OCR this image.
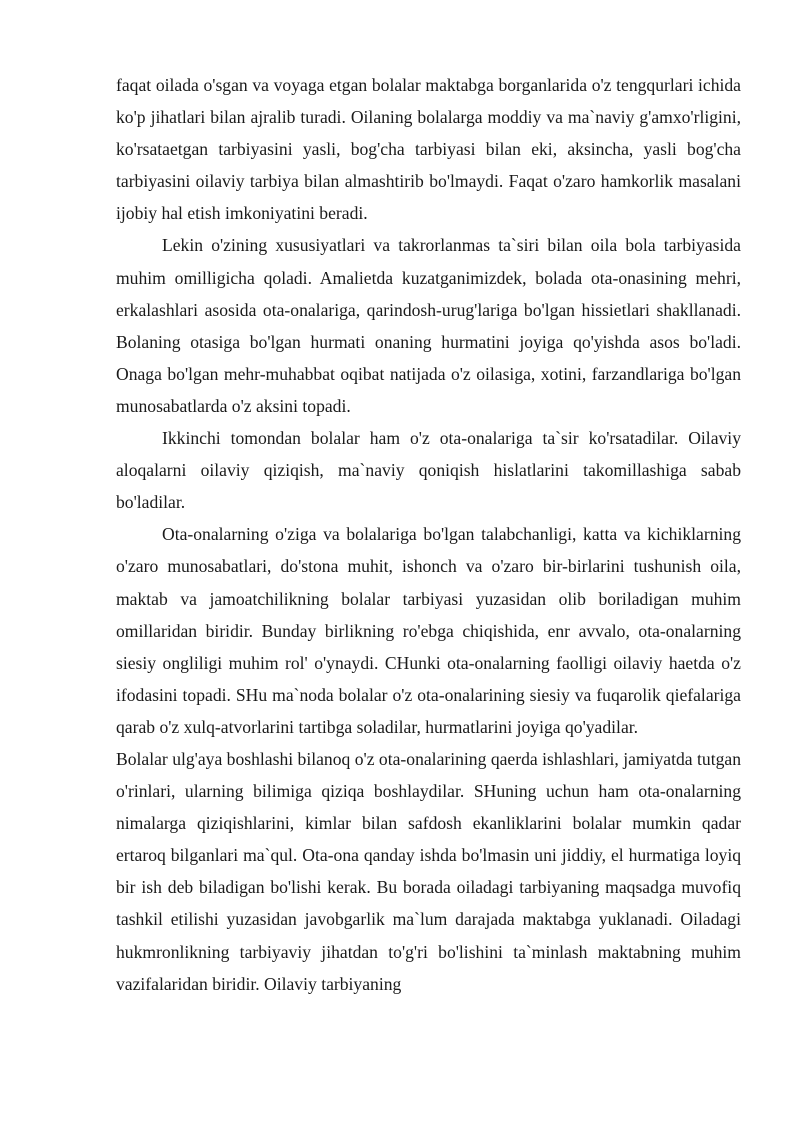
faqat oilada o'sgan va voyaga etgan bolalar maktabga borganlarida o'z tengqurlari ichida ko'p jihatlari bilan ajralib turadi. Oilaning bolalarga moddiy va ma`naviy g'amxo'rligini, ko'rsataetgan tarbiyasini yasli, bog'cha tarbiyasi bilan eki, aksincha, yasli bog'cha tarbiyasini oilaviy tarbiya bilan almashtirib bo'lmaydi. Faqat o'zaro hamkorlik masalani ijobiy hal etish imkoniyatini beradi.

Lekin o'zining xususiyatlari va takrorlanmas ta`siri bilan oila bola tarbiyasida muhim omilligicha qoladi. Amalietda kuzatganimizdek, bolada ota-onasining mehri, erkalashlari asosida ota-onalariga, qarindosh-urug'lariga bo'lgan hissietlari shakllanadi. Bolaning otasiga bo'lgan hurmati onaning hurmatini joyiga qo'yishda asos bo'ladi. Onaga bo'lgan mehr-muhabbat oqibat natijada o'z oilasiga, xotini, farzandlariga bo'lgan munosabatlarda o'z aksini topadi.

Ikkinchi tomondan bolalar ham o'z ota-onalariga ta`sir ko'rsatadilar. Oilaviy aloqalarni oilaviy qiziqish, ma`naviy qoniqish hislatlarini takomillashiga sabab bo'ladilar.

Ota-onalarning o'ziga va bolalariga bo'lgan talabchanligi, katta va kichiklarning o'zaro munosabatlari, do'stona muhit, ishonch va o'zaro bir-birlarini tushunish oila, maktab va jamoatchilikning bolalar tarbiyasi yuzasidan olib boriladigan muhim omillaridan biridir. Bunday birlikning ro'ebga chiqishida, enr avvalo, ota-onalarning siesiy ongliligi muhim rol' o'ynaydi. CHunki ota-onalarning faolligi oilaviy haetda o'z ifodasini topadi. SHu ma`noda bolalar o'z ota-onalarining siesiy va fuqarolik qiefalariga qarab o'z xulq-atvorlarini tartibga soladilar, hurmatlarini joyiga qo'yadilar.

Bolalar ulg'aya boshlashi bilanoq o'z ota-onalarining qaerda ishlashlari, jamiyatda tutgan o'rinlari, ularning bilimiga qiziqa boshlaydilar. SHuning uchun ham ota-onalarning nimalarga qiziqishlarini, kimlar bilan safdosh ekanliklarini bolalar mumkin qadar ertaroq bilganlari ma`qul. Ota-ona qanday ishda bo'lmasin uni jiddiy, el hurmatiga loyiq bir ish deb biladigan bo'lishi kerak. Bu borada oiladagi tarbiyaning maqsadga muvofiq tashkil etilishi yuzasidan javobgarlik ma`lum darajada maktabga yuklanadi. Oiladagi hukmronlikning tarbiyaviy jihatdan to'g'ri bo'lishini ta`minlash maktabning muhim vazifalaridan biridir. Oilaviy tarbiyaning
